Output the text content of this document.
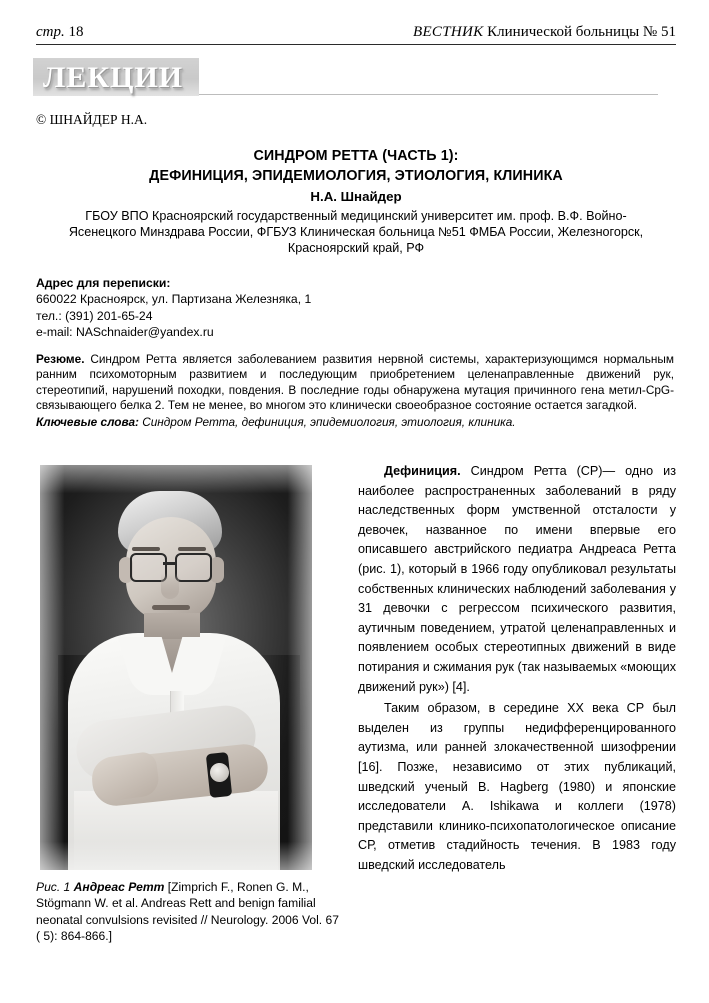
стр. 18	ВЕСТНИК Клинической больницы № 51
ЛЕКЦИИ
© ШНАЙДЕР Н.А.
СИНДРОМ РЕТТА (ЧАСТЬ 1):
ДЕФИНИЦИЯ, ЭПИДЕМИОЛОГИЯ, ЭТИОЛОГИЯ, КЛИНИКА
Н.А. Шнайдер
ГБОУ ВПО Красноярский государственный медицинский университет им. проф. В.Ф. Войно-Ясенецкого Минздрава России, ФГБУЗ Клиническая больница №51 ФМБА России, Железногорск, Красноярский край, РФ
Адрес для переписки:
660022 Красноярск, ул. Партизана Железняка, 1
тел.: (391) 201-65-24
e-mail: NASchnaider@yandex.ru
Резюме. Синдром Ретта является заболеванием развития нервной системы, характеризующимся нормальным ранним психомоторным развитием и последующим приобретением целенаправленные движений рук, стереотипий, нарушений походки, повдения. В последние годы обнаружена мутация причинного гена метил-CpG-связывающего белка 2. Тем не менее, во многом это клинически своеобразное состояние остается загадкой.
Ключевые слова: Синдром Ретта, дефиниция, эпидемиология, этиология, клиника.
Рис. 1 Андреас Ретт [Zimprich F., Ronen G. M., Stögmann W. et al. Andreas Rett and benign familial neonatal convulsions revisited // Neurology. 2006 Vol. 67 ( 5): 864-866.]

Дефиниция. Синдром Ретта (СР)— одно из наиболее распространенных заболеваний в ряду наследственных форм умственной отсталости у девочек, названное по имени впервые его описавшего австрийского педиатра Андреаса Ретта (рис. 1), который в 1966 году опубликовал результаты собственных клинических наблюдений заболевания у 31 девочки с регрессом психического развития, аутичным поведением, утратой целенаправленных и появлением особых стереотипных движений в виде потирания и сжимания рук (так называемых «моющих движений рук») [4].

Таким образом, в середине XX века СР был выделен из группы недифференцированного аутизма, или ранней злокачественной шизофрении [16]. Позже, независимо от этих публикаций, шведский ученый B. Hagberg (1980) и японские исследователи A. Ishikawa и коллеги (1978) представили клинико-психопатологическое описание СР, отметив стадийность течения. В 1983 году шведский исследователь
